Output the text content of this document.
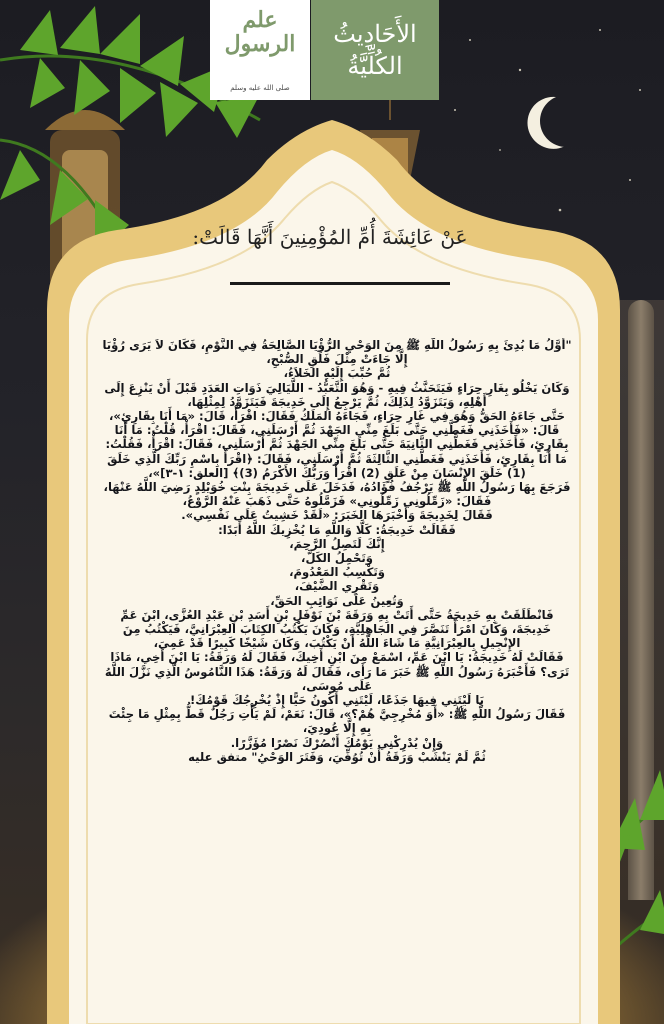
علم
الرسول
صلى الله عليه وسلم
الأَحَادِيثُ
الكُلِّيَّةُ
عَنْ عَائِشَةَ أُمِّ المُؤْمِنِينَ أَنَّهَا قَالَتْ:

"أَوَّلُ مَا بُدِئَ بِهِ رَسُولُ اللَّهِ ﷺ مِنَ الوَحْيِ الرُّؤْيَا الصَّالِحَةُ فِي النَّوْمِ، فَكَانَ لاَ يَرَى رُؤْيَا إِلَّا جَاءَتْ مِثْلَ فَلَقِ الصُّبْحِ،

ثُمَّ حُبِّبَ إِلَيْهِ الخَلاَءُ،

وَكَانَ يَخْلُو بِغَارِ حِرَاءٍ فَيَتَحَنَّثُ فِيهِ - وَهُوَ التَّعَبُّدُ - اللَّيَالِيَ ذَوَاتِ العَدَدِ قَبْلَ أَنْ يَنْزِعَ إِلَى أَهْلِهِ، وَيَتَزَوَّدُ لِذَلِكَ، ثُمَّ يَرْجِعُ إِلَى خَدِيجَةَ فَيَتَزَوَّدُ لِمِثْلِهَا،

حَتَّى جَاءَهُ الحَقُّ وَهُوَ فِي غَارِ حِرَاءٍ، فَجَاءَهُ المَلَكُ فَقَالَ: اقْرَأْ، قَالَ: «مَا أَنَا بِقَارِئٍ»، قَالَ: «فَأَخَذَنِي فَغَطَّنِي حَتَّى بَلَغَ مِنِّي الجَهْدَ ثُمَّ أَرْسَلَنِي، فَقَالَ: اقْرَأْ، قُلْتُ: مَا أَنَا بِقَارِئٍ، فَأَخَذَنِي فَغَطَّنِي الثَّانِيَةَ حَتَّى بَلَغَ مِنِّي الجَهْدَ ثُمَّ أَرْسَلَنِي، فَقَالَ: اقْرَأْ، فَقُلْتُ: مَا أَنَا بِقَارِئٍ، فَأَخَذَنِي فَغَطَّنِي الثَّالِثَةَ ثُمَّ أَرْسَلَنِي، فَقَالَ: ﴿اقْرَأْ بِاسْمِ رَبِّكَ الَّذِي خَلَقَ (1) خَلَقَ الإِنْسَانَ مِنْ عَلَقٍ (2) اقْرَأْ وَرَبُّكَ الأَكْرَمُ (3)﴾ [العلق: ١-٣]»،

فَرَجَعَ بِهَا رَسُولُ اللَّهِ ﷺ يَرْجُفُ فُؤَادُهُ، فَدَخَلَ عَلَى خَدِيجَةَ بِنْتِ خُوَيْلِدٍ رَضِيَ اللَّهُ عَنْهَا، فَقَالَ: «زَمِّلُونِي زَمِّلُونِي» فَزَمَّلُوهُ حَتَّى ذَهَبَ عَنْهُ الرَّوْعُ،

فَقَالَ لِخَدِيجَةَ وَأَخْبَرَهَا الخَبَرَ: «لَقَدْ خَشِيتُ عَلَى نَفْسِي».

فَقَالَتْ خَدِيجَةُ: كَلَّا وَاللَّهِ مَا يُخْزِيكَ اللَّهُ أَبَدًا:

إِنَّكَ لَتَصِلُ الرَّحِمَ،

وَتَحْمِلُ الكَلَّ،

وَتَكْسِبُ المَعْدُومَ،

وَتَقْرِي الضَّيْفَ،

وَتُعِينُ عَلَى نَوَائِبِ الحَقِّ،

فَانْطَلَقَتْ بِهِ خَدِيجَةُ حَتَّى أَتَتْ بِهِ وَرَقَةَ بْنَ نَوْفَلِ بْنِ أَسَدِ بْنِ عَبْدِ العُزَّى، ابْنَ عَمِّ خَدِيجَةَ، وَكَانَ امْرَأً تَنَصَّرَ فِي الجَاهِلِيَّةِ، وَكَانَ يَكْتُبُ الكِتَابَ العِبْرَانِيَّ، فَيَكْتُبُ مِنَ الإِنْجِيلِ بِالعِبْرَانِيَّةِ مَا شَاءَ اللَّهُ أَنْ يَكْتُبَ، وَكَانَ شَيْخًا كَبِيرًا قَدْ عَمِيَ،

فَقَالَتْ لَهُ خَدِيجَةُ: يَا ابْنَ عَمِّ، اسْمَعْ مِنَ ابْنِ أَخِيكَ، فَقَالَ لَهُ وَرَقَةُ: يَا ابْنَ أَخِي، مَاذَا تَرَى؟ فَأَخْبَرَهُ رَسُولُ اللَّهِ ﷺ خَبَرَ مَا رَأَى، فَقَالَ لَهُ وَرَقَةُ: هَذَا النَّامُوسُ الَّذِي نَزَّلَ اللَّهُ عَلَى مُوسَى،

يَا لَيْتَنِي فِيهَا جَذَعًا، لَيْتَنِي أَكُونُ حَيًّا إِذْ يُخْرِجُكَ قَوْمُكَ!

فَقَالَ رَسُولُ اللَّهِ ﷺ: «أَوَ مُخْرِجِيَّ هُمْ؟»، قَالَ: نَعَمْ، لَمْ يَأْتِ رَجُلٌ قَطُّ بِمِثْلِ مَا جِئْتَ بِهِ إِلَّا عُودِيَ،

وَإِنْ يُدْرِكْنِي يَوْمُكَ أَنْصُرْكَ نَصْرًا مُؤَزَّرًا.

ثُمَّ لَمْ يَنْشَبْ وَرَقَةُ أَنْ تُوُفِّيَ، وَفَتَرَ الوَحْيُ" متفق عليه
